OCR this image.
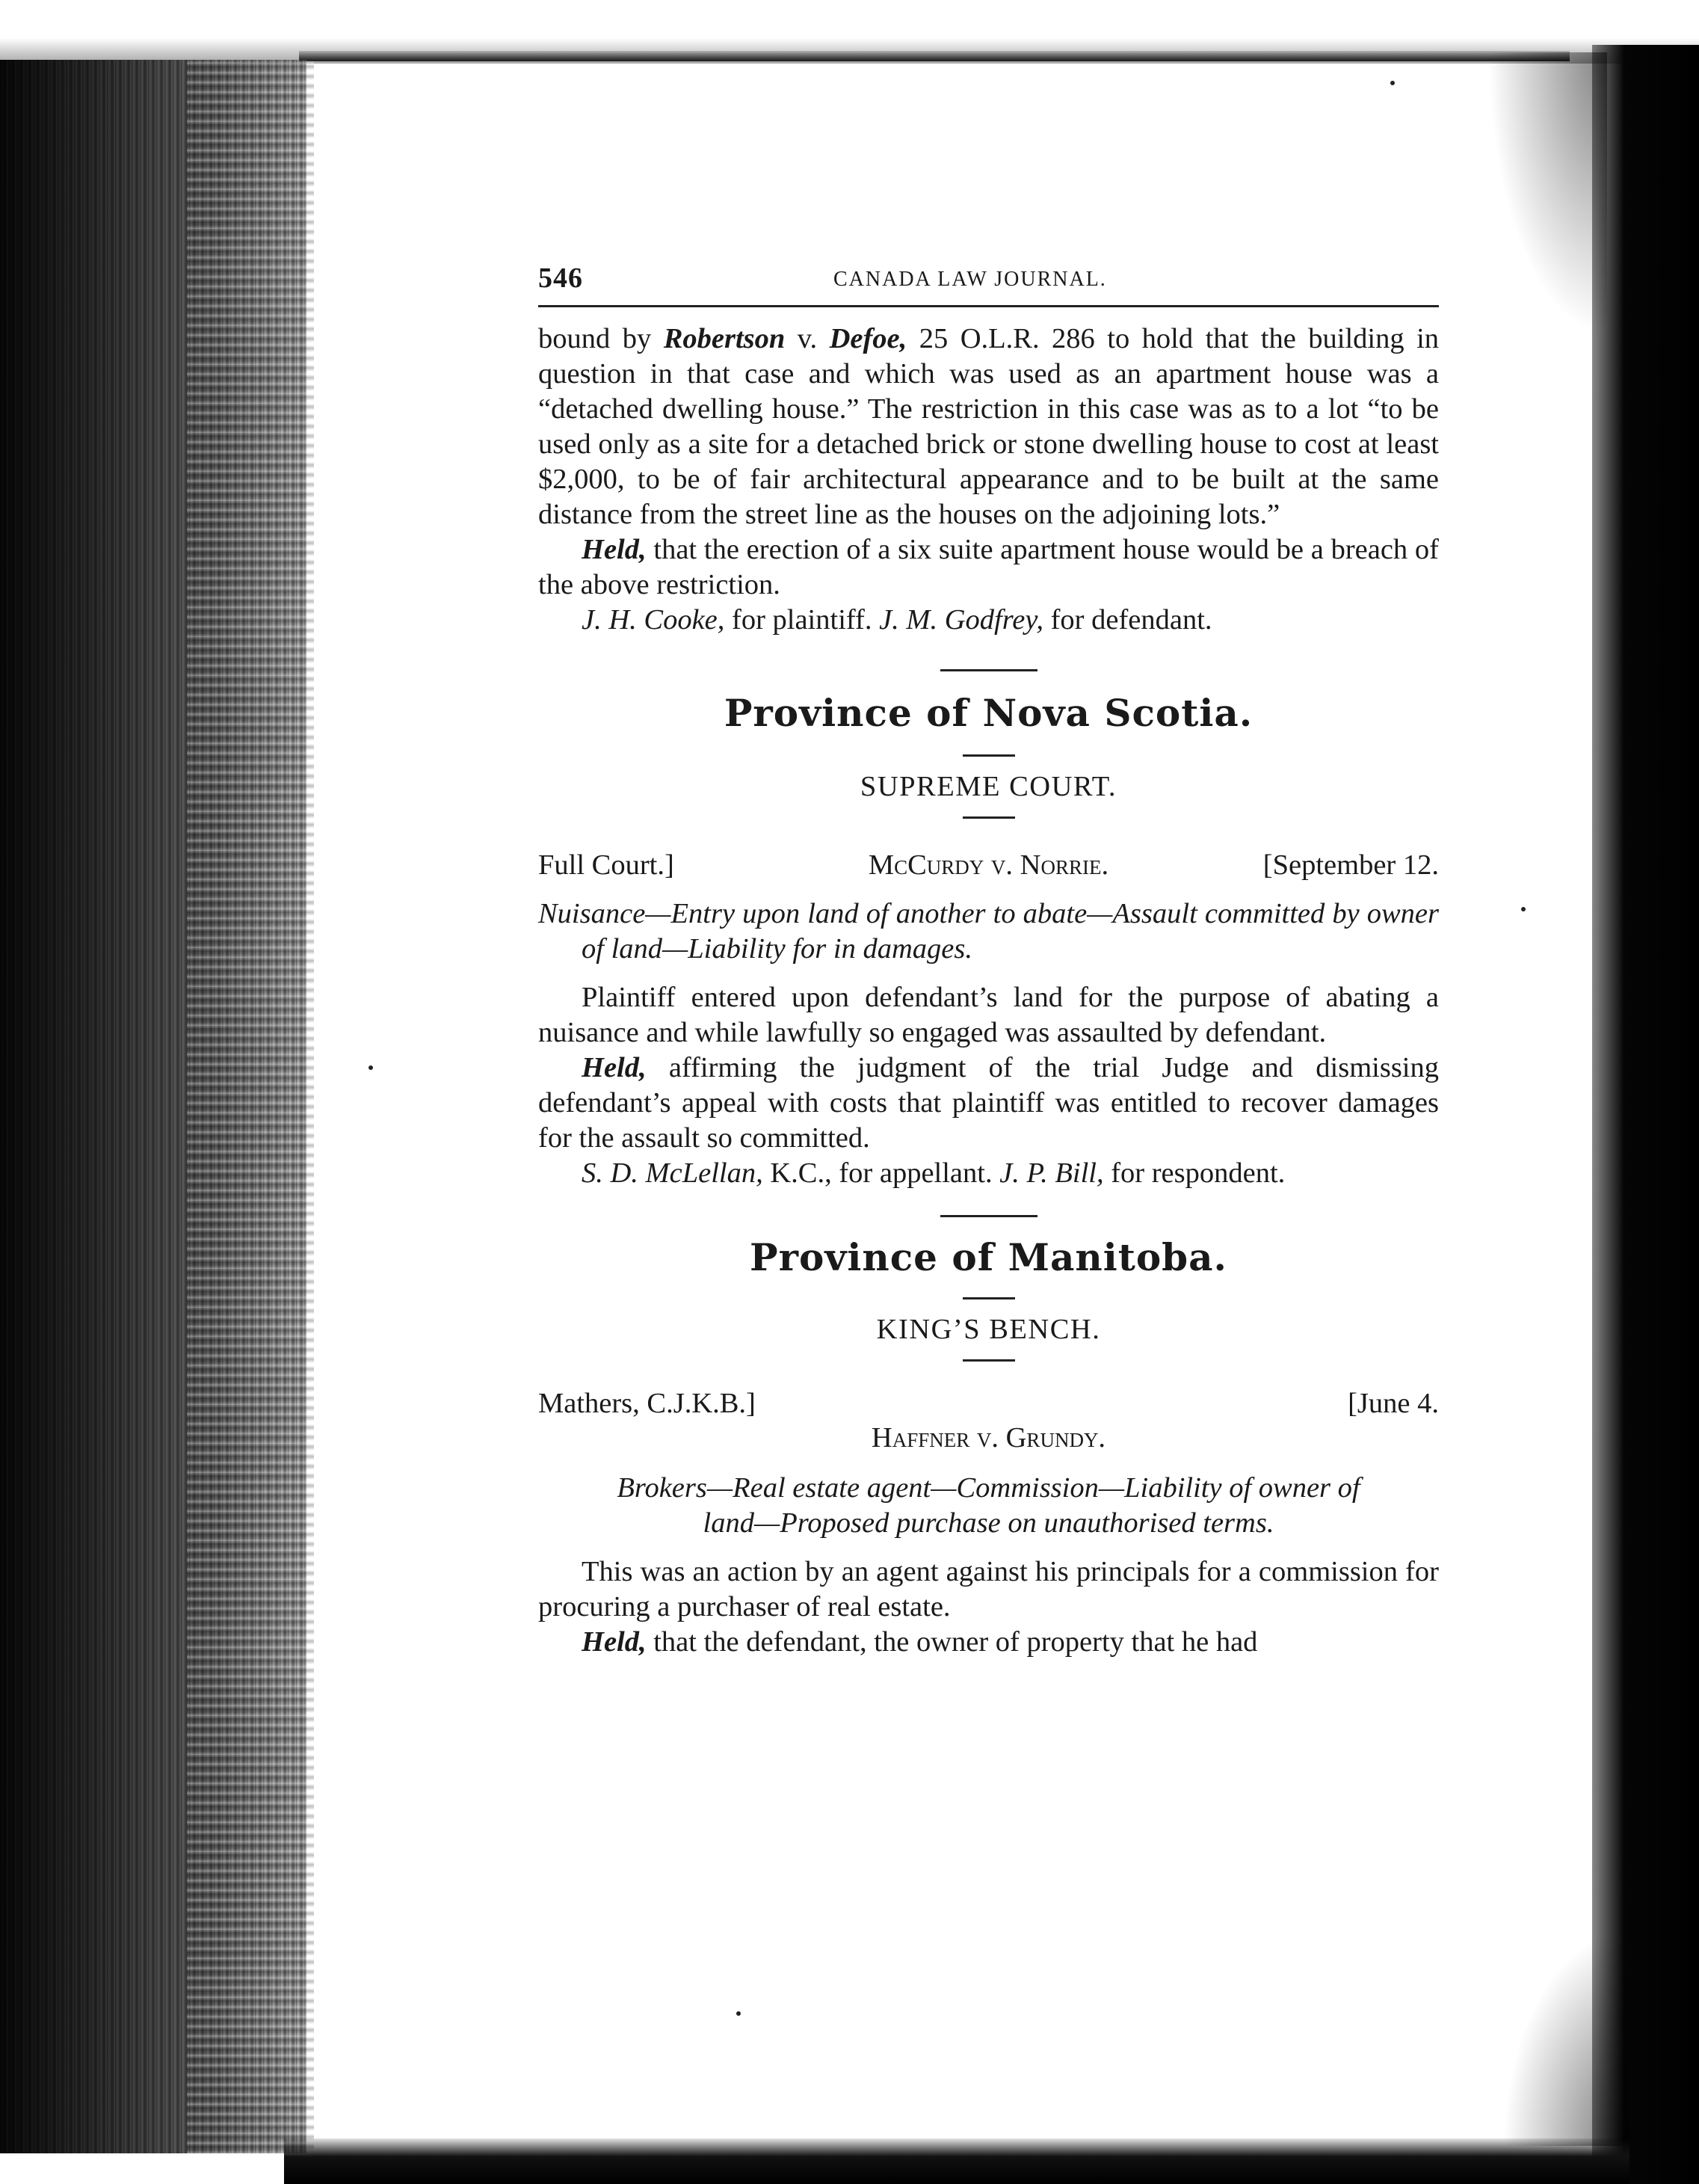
546	CANADA LAW JOURNAL.

bound by Robertson v. Defoe, 25 O.L.R. 286 to hold that the building in question in that case and which was used as an apartment house was a “detached dwelling house.” The restriction in this case was as to a lot “to be used only as a site for a detached brick or stone dwelling house to cost at least $2,000, to be of fair architectural appearance and to be built at the same distance from the street line as the houses on the adjoining lots.”

Held, that the erection of a six suite apartment house would be a breach of the above restriction.

J. H. Cooke, for plaintiff. J. M. Godfrey, for defendant.

Province of Nova Scotia.

SUPREME COURT.

Full Court.]	McCurdy v. Norrie.	[September 12.

Nuisance—Entry upon land of another to abate—Assault committed by owner of land—Liability for in damages.

Plaintiff entered upon defendant’s land for the purpose of abating a nuisance and while lawfully so engaged was assaulted by defendant.

Held, affirming the judgment of the trial Judge and dismissing defendant’s appeal with costs that plaintiff was entitled to recover damages for the assault so committed.

S. D. McLellan, K.C., for appellant. J. P. Bill, for respondent.

Province of Manitoba.

KING’S BENCH.

Mathers, C.J.K.B.]	[June 4.

Haffner v. Grundy.

Brokers—Real estate agent—Commission—Liability of owner of
land—Proposed purchase on unauthorised terms.

This was an action by an agent against his principals for a commission for procuring a purchaser of real estate.

Held, that the defendant, the owner of property that he had
